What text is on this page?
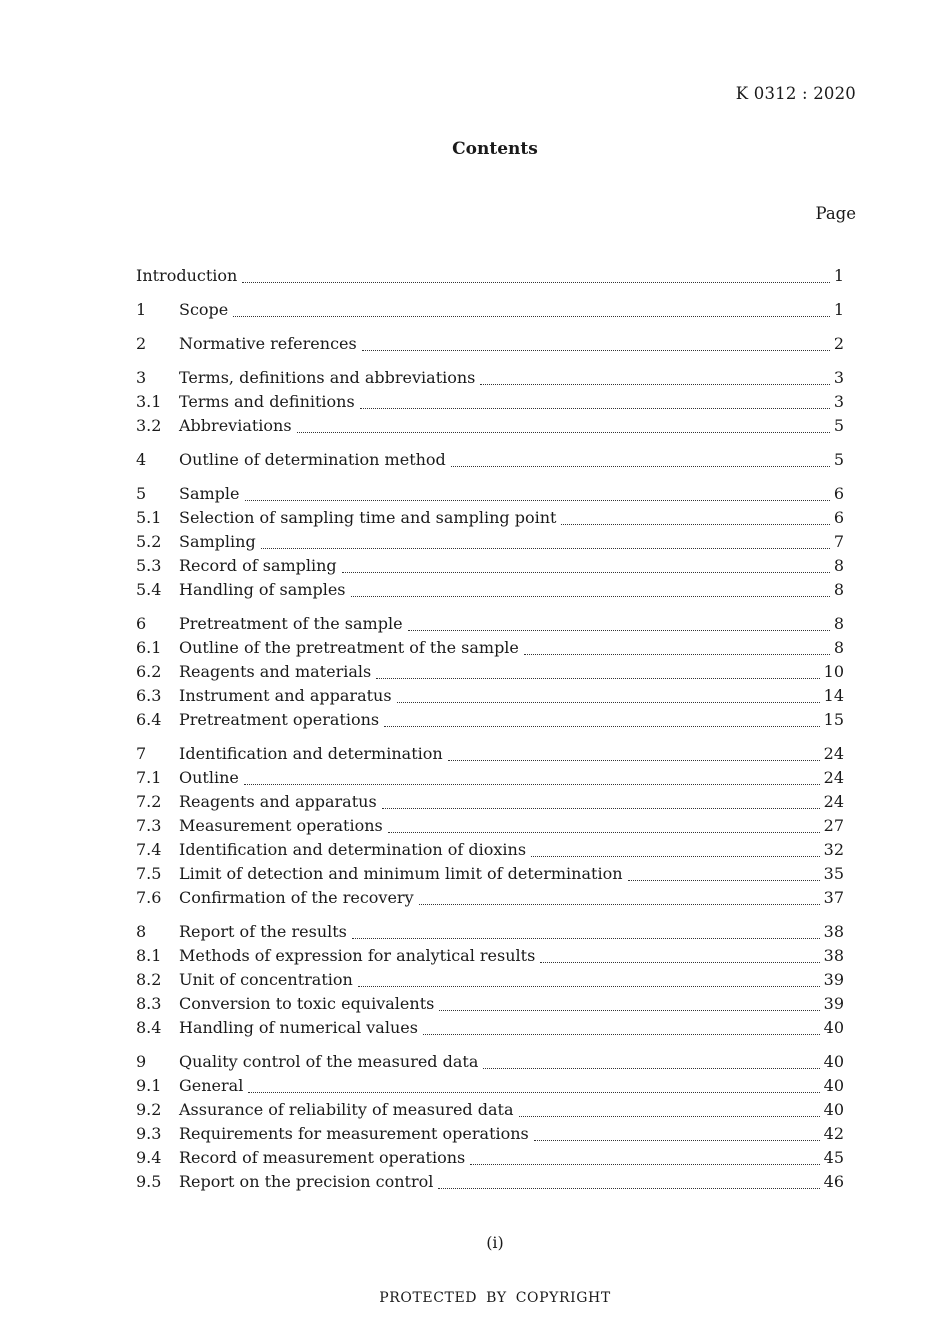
K 0312 : 2020
Contents
Page
Introduction	1
1	Scope	1
2	Normative references	2
3	Terms, definitions and abbreviations	3
3.1	Terms and definitions	3
3.2	Abbreviations	5
4	Outline of determination method	5
5	Sample	6
5.1	Selection of sampling time and sampling point	6
5.2	Sampling	7
5.3	Record of sampling	8
5.4	Handling of samples	8
6	Pretreatment of the sample	8
6.1	Outline of the pretreatment of the sample	8
6.2	Reagents and materials	10
6.3	Instrument and apparatus	14
6.4	Pretreatment operations	15
7	Identification and determination	24
7.1	Outline	24
7.2	Reagents and apparatus	24
7.3	Measurement operations	27
7.4	Identification and determination of dioxins	32
7.5	Limit of detection and minimum limit of determination	35
7.6	Confirmation of the recovery	37
8	Report of the results	38
8.1	Methods of expression for analytical results	38
8.2	Unit of concentration	39
8.3	Conversion to toxic equivalents	39
8.4	Handling of numerical values	40
9	Quality control of the measured data	40
9.1	General	40
9.2	Assurance of reliability of measured data	40
9.3	Requirements for measurement operations	42
9.4	Record of measurement operations	45
9.5	Report on the precision control	46
(i)
PROTECTED BY COPYRIGHT
